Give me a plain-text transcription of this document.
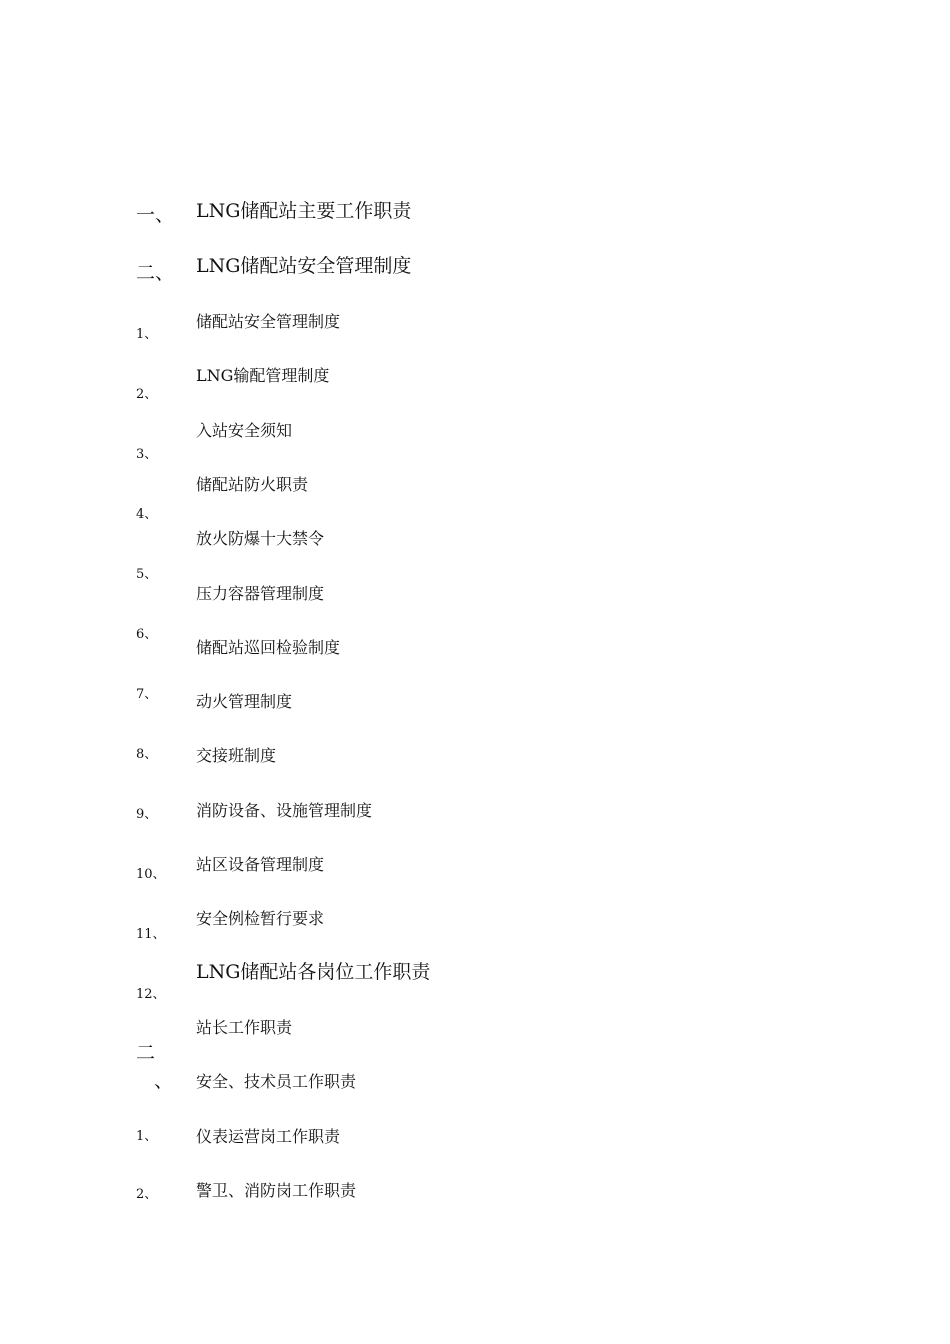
一、
二、
1、
2、
3、
4、
5、
6、
7、
8、
9、
10、
11、
12、
二
、
1、
2、
LNG储配站主要工作职责
LNG储配站安全管理制度
储配站安全管理制度
LNG输配管理制度
入站安全须知
储配站防火职责
放火防爆十大禁令
压力容器管理制度
储配站巡回检验制度
动火管理制度
交接班制度
消防设备、设施管理制度
站区设备管理制度
安全例检暂行要求
LNG储配站各岗位工作职责
站长工作职责
安全、技术员工作职责
仪表运营岗工作职责
警卫、消防岗工作职责
